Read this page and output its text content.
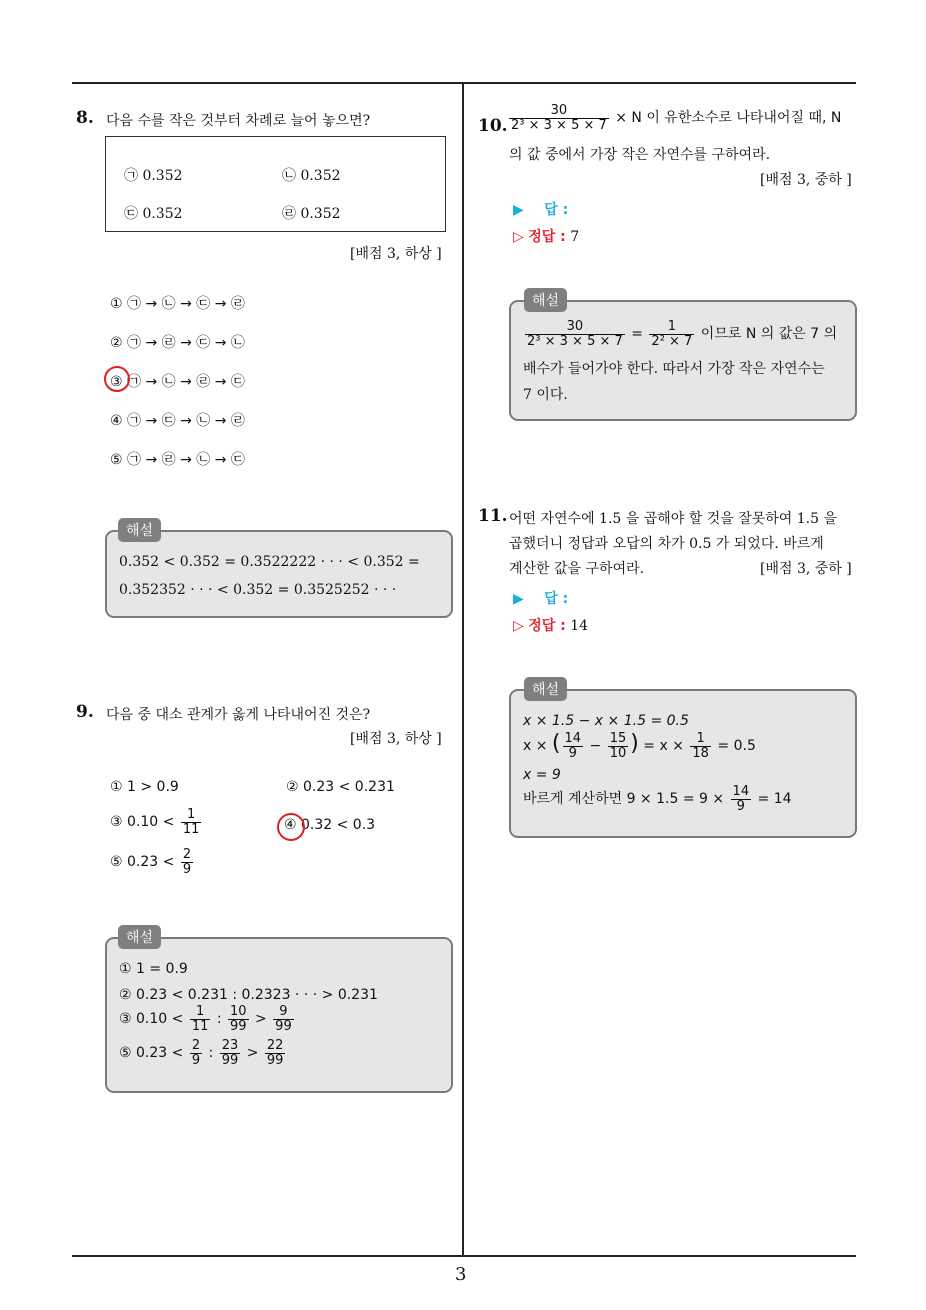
3
8. 다음 수를 작은 것부터 차례로 늘어 놓으면?
㉠ 0.352	㉡ 0.352
㉢ 0.352	㉣ 0.352
[배점 3, 하상 ]
① ㉠ → ㉡ → ㉢ → ㉣
② ㉠ → ㉣ → ㉢ → ㉡
③ ㉠ → ㉡ → ㉣ → ㉢
④ ㉠ → ㉢ → ㉡ → ㉣
⑤ ㉠ → ㉣ → ㉡ → ㉢
0.352 < 0.352 = 0.3522222 · · · < 0.352 =
0.352352 · · · < 0.352 = 0.3525252 · · ·
해설
9. 다음 중 대소 관계가 옳게 나타내어진 것은?
[배점 3, 하상 ]
① 1 > 0.9	② 0.23 < 0.231
③ $0.10 < \frac{1}{11}$	④ 0.32 < 0.3
⑤ $0.23 < \frac{2}{9}$
① 1 = 0.9
② 0.23 < 0.231 : 0.2323 · · · > 0.231
③ $0.10 < \frac{1}{11}$ : $\frac{10}{99} > \frac{9}{99}$
⑤ $0.23 < \frac{2}{9}$ : $\frac{23}{99} > \frac{22}{99}$
해설
10. $\frac{30}{\text{2³ × 3 × 5 × 7}} \times N$ 이 유한소수로 나타내어질 때, N
의 값 중에서 가장 작은 자연수를 구하여라.
[배점 3, 중하 ]
▶ 답 :
▷ 정답 : 7
$\frac{30}{\text{2³ × 3 × 5 × 7}} = \frac{1}{\text{2² × 7}}$ 이므로 N 의 값은 7 의
배수가 들어가야 한다. 따라서 가장 작은 자연수는
7 이다.
해설
11. 어떤 자연수에 1.5 을 곱해야 할 것을 잘못하여 1.5 을
곱했더니 정답과 오답의 차가 0.5 가 되었다. 바르게
계산한 값을 구하여라.	[배점 3, 중하 ]
▶ 답 :
▷ 정답 : 14
x × 1.5 − x × 1.5 = 0.5
x × ( $\frac{14}{9} - \frac{15}{10}$ ) = $x \times \frac{1}{18} = 0.5$
x = 9
바르게 계산하면 $9 \times 1.5 = 9 \times \frac{14}{9} = 14$
해설
